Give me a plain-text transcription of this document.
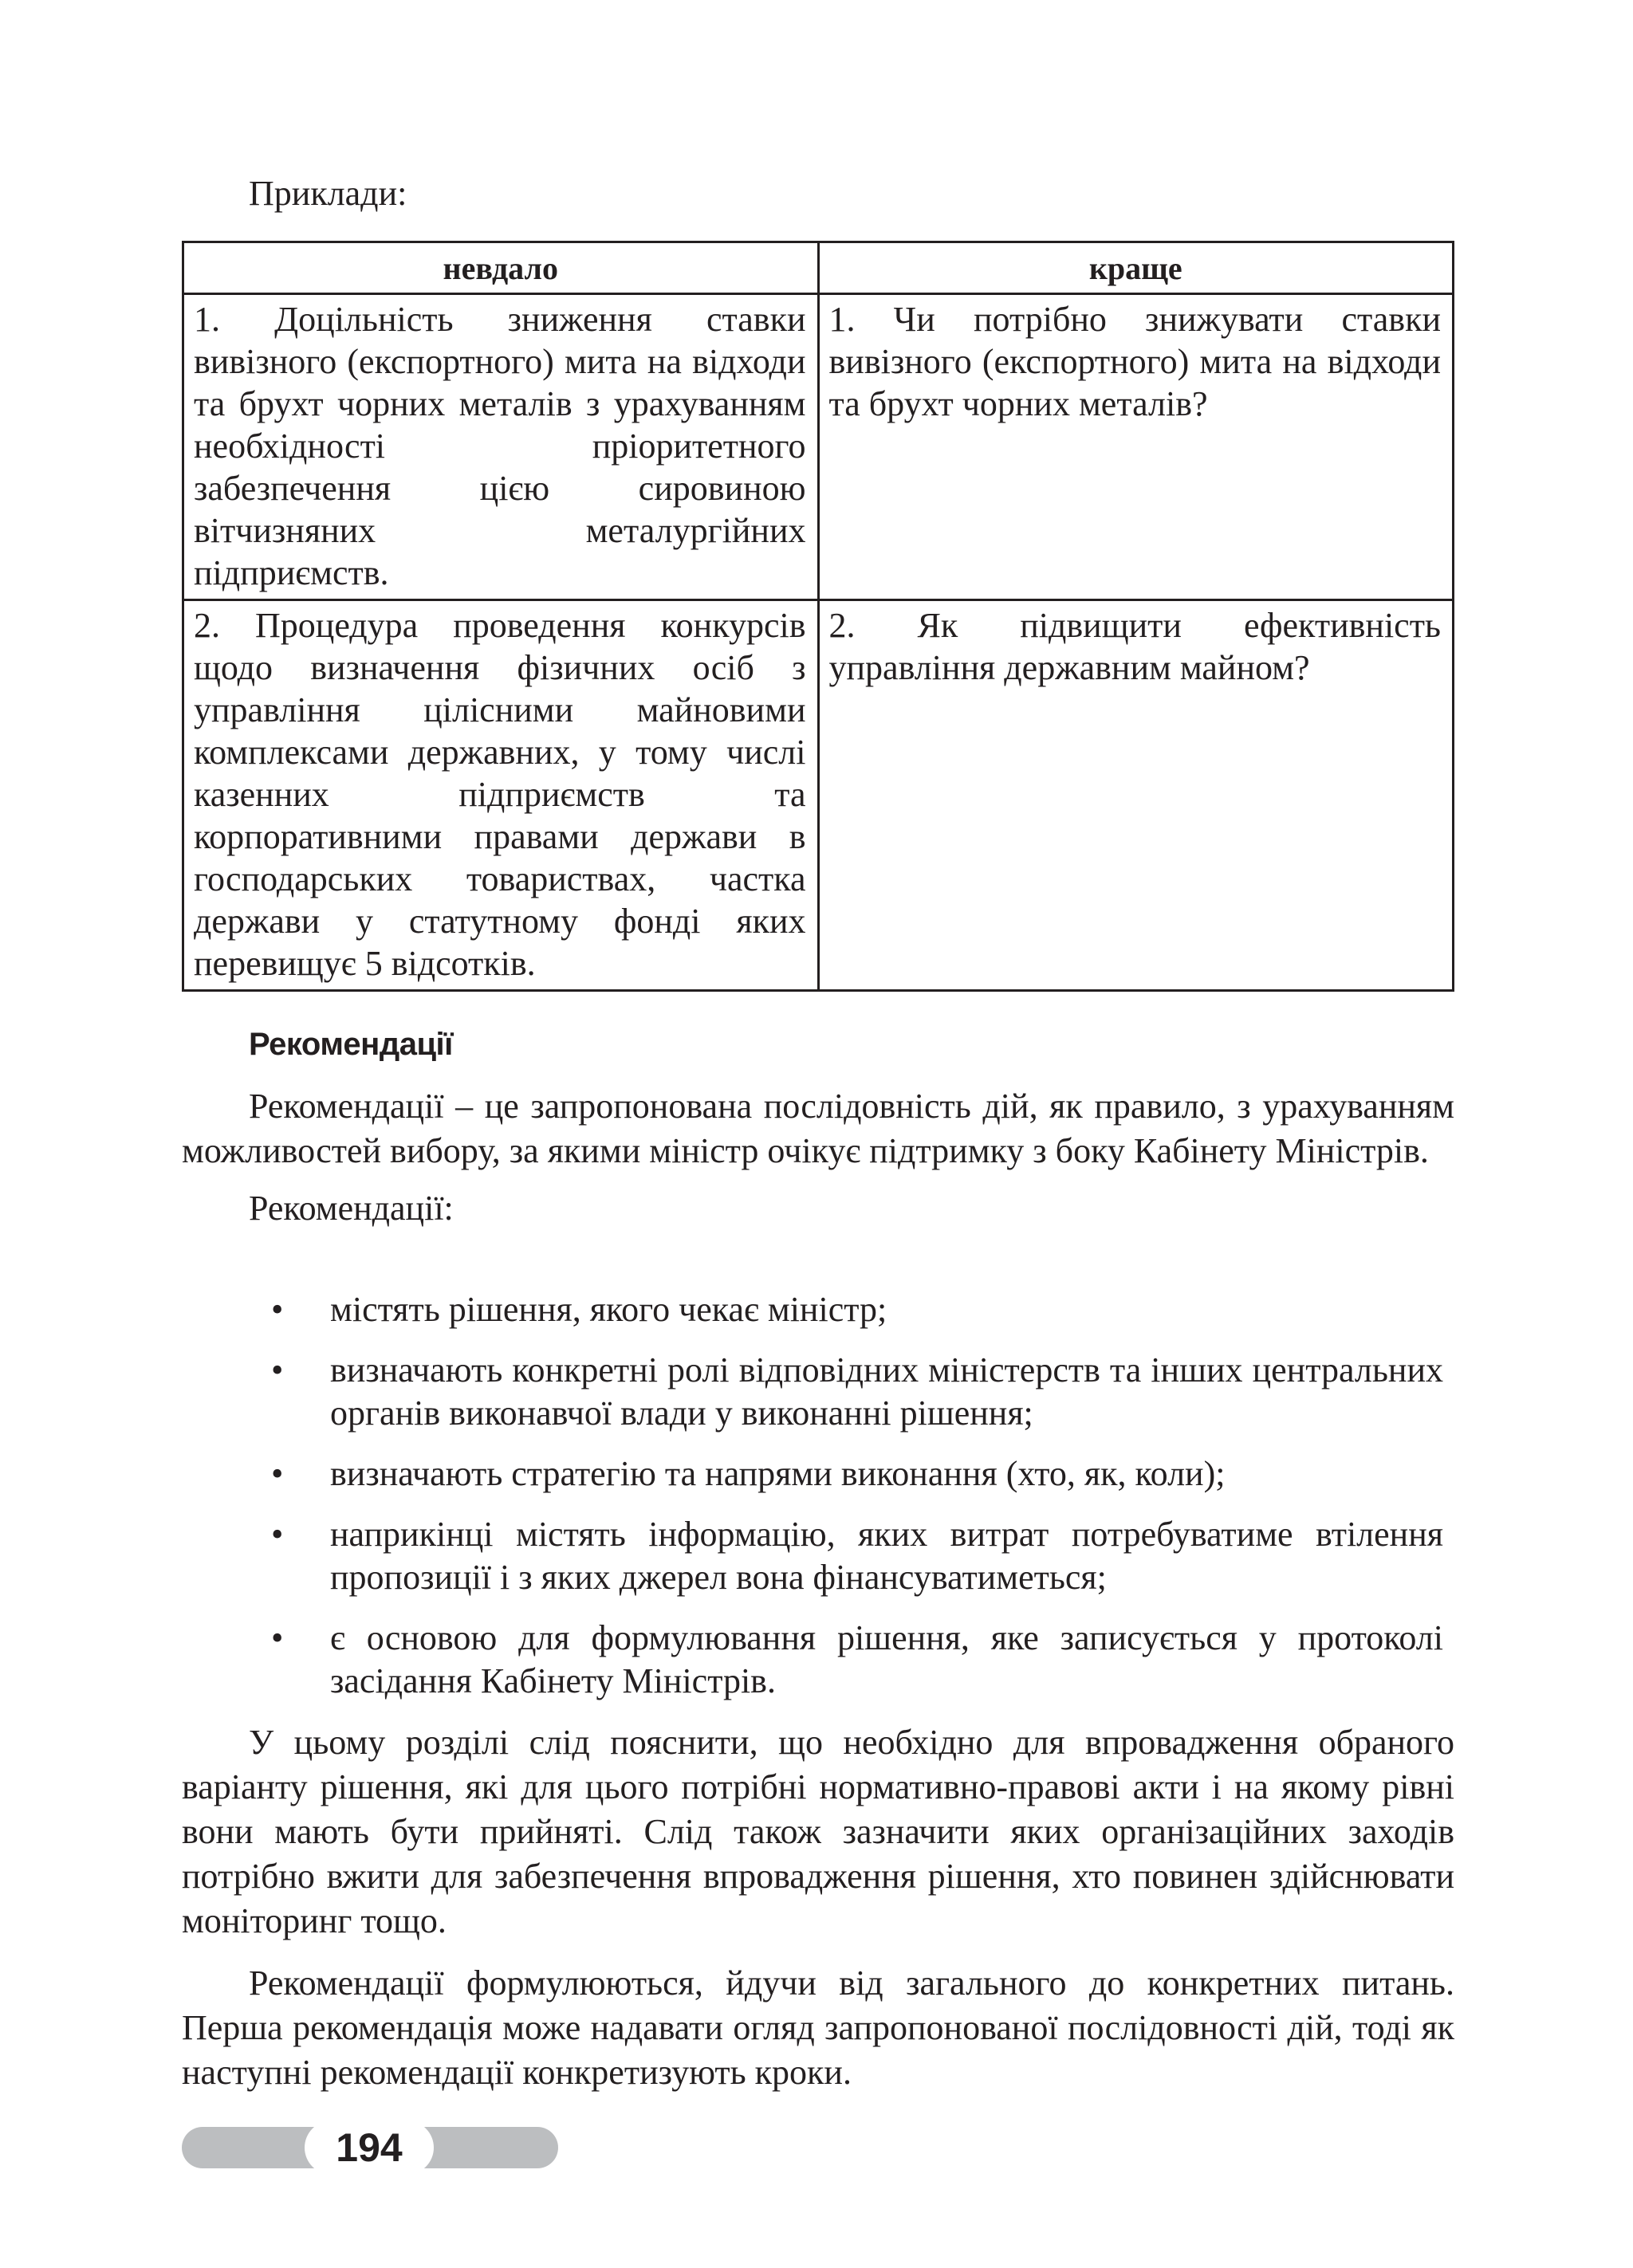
Приклади:
невдало	краще
1. Доцільність зниження ставки вивізного (експортного) мита на відходи та брухт чорних металів з урахуванням необхідності пріоритетного забезпечення цією сировиною вітчизняних металургійних підприємств.	1. Чи потрібно знижувати ставки вивізного (експортного) мита на відходи та брухт чорних металів?
2. Процедура проведення конкурсів щодо визначення фізичних осіб з управління цілісними майновими комплексами державних, у тому числі казенних підприємств та корпоративними правами держави в господарських товариствах, частка держави у статутному фонді яких перевищує 5 відсотків.	2. Як підвищити ефективність управління державним майном?
Рекомендації

Рекомендації – це запропонована послідовність дій, як правило, з урахуванням можливостей вибору, за якими міністр очікує підтримку з боку Кабінету Міністрів.

Рекомендації:

• містять рішення, якого чекає міністр;
• визначають конкретні ролі відповідних міністерств та інших центральних органів виконавчої влади у виконанні рішення;
• визначають стратегію та напрями виконання (хто, як, коли);
• наприкінці містять інформацію, яких витрат потребуватиме втілення пропозиції і з яких джерел вона фінансуватиметься;
• є основою для формулювання рішення, яке записується у протоколі засідання Кабінету Міністрів.

У цьому розділі слід пояснити, що необхідно для впровадження обраного варіанту рішення, які для цього потрібні нормативно-правові акти і на якому рівні вони мають бути прийняті. Слід також зазначити яких організаційних заходів потрібно вжити для забезпечення впровадження рішення, хто повинен здійснювати моніторинг тощо.

Рекомендації формулюються, йдучи від загального до конкретних питань. Перша рекомендація може надавати огляд запропонованої послідовності дій, тоді як наступні рекомендації конкретизують кроки.

194
